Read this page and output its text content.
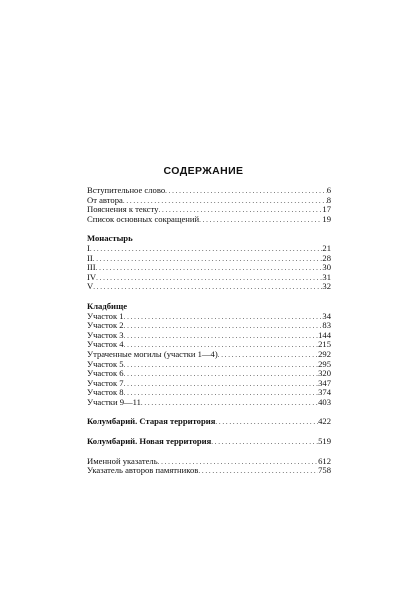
СОДЕРЖАНИЕ
Вступительное слово . . .	6
От автора . . .	8
Пояснения к тексту . . .	17
Список основных сокращений . . .	19
Монастырь
I . . .	21
II . . .	28
III . . .	30
IV . . .	31
V . . .	32
Кладбище
Участок 1 . . .	34
Участок 2 . . .	83
Участок 3 . . .	144
Участок 4 . . .	215
Утраченные могилы (участки 1—4) . . .	292
Участок 5 . . .	295
Участок 6 . . .	320
Участок 7 . . .	347
Участок 8 . . .	374
Участки 9—11 . . .	403
Колумбарий. Старая территория . . .	422
Колумбарий. Новая территория . . .	519
Именной указатель . . .	612
Указатель авторов памятников . . .	758
